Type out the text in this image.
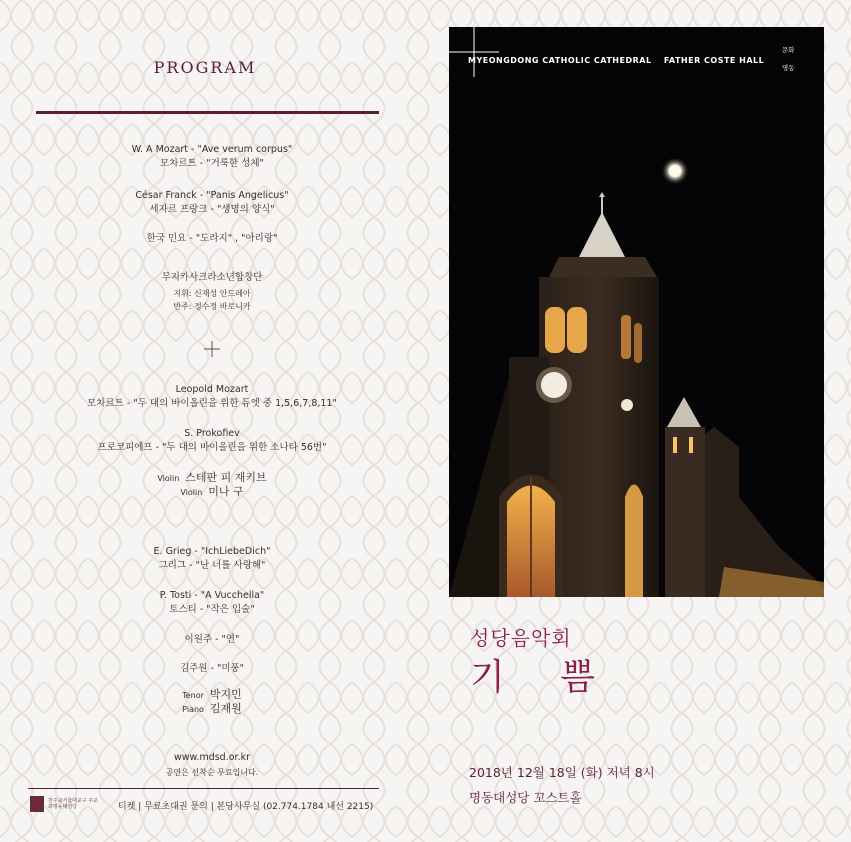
PROGRAM
W. A Mozart - "Ave verum corpus"
모차르트 - "거룩한 성체"
César Franck - "Panis Angelicus"
세자르 프랑크 - "생명의 양식"
한국 민요 - "도라지" , "아리랑"
무지카사크라소년합창단
지휘: 신재성 안드레아
반주: 정수정 바로니카
Leopold Mozart
모차르트 - "두 대의 바이올린을 위한 듀엣 중 1,5,6,7,8,11"
S. Prokofiev
프로코피에프 - "두 대의 바이올린을 위한 소나타 56번"
Violin 스테판 피 재키브
Violin 미나 구
E. Grieg - "IchLiebeDich"
그리그 - "난 너를 사랑해"
P. Tosti - "A Vucchella"
토스티 - "작은 입술"
이원주 - "연"
김주원 - "미풍"
Tenor 박지민
Piano 김재원
www.mdsd.or.kr
공연은 선착순 무료입니다.
천주교서울대교구 주교좌명동대성당	티켓 | 무료초대권 문의 | 본당사무실 (02.774.1784 내선 2215)
MYEONGDONG CATHOLIC CATHEDRAL FATHER COSTE HALL
문화
명동
성당음악회
기 쁨
2018년 12월 18일 (화) 저녁 8시
명동대성당 꼬스트홀
